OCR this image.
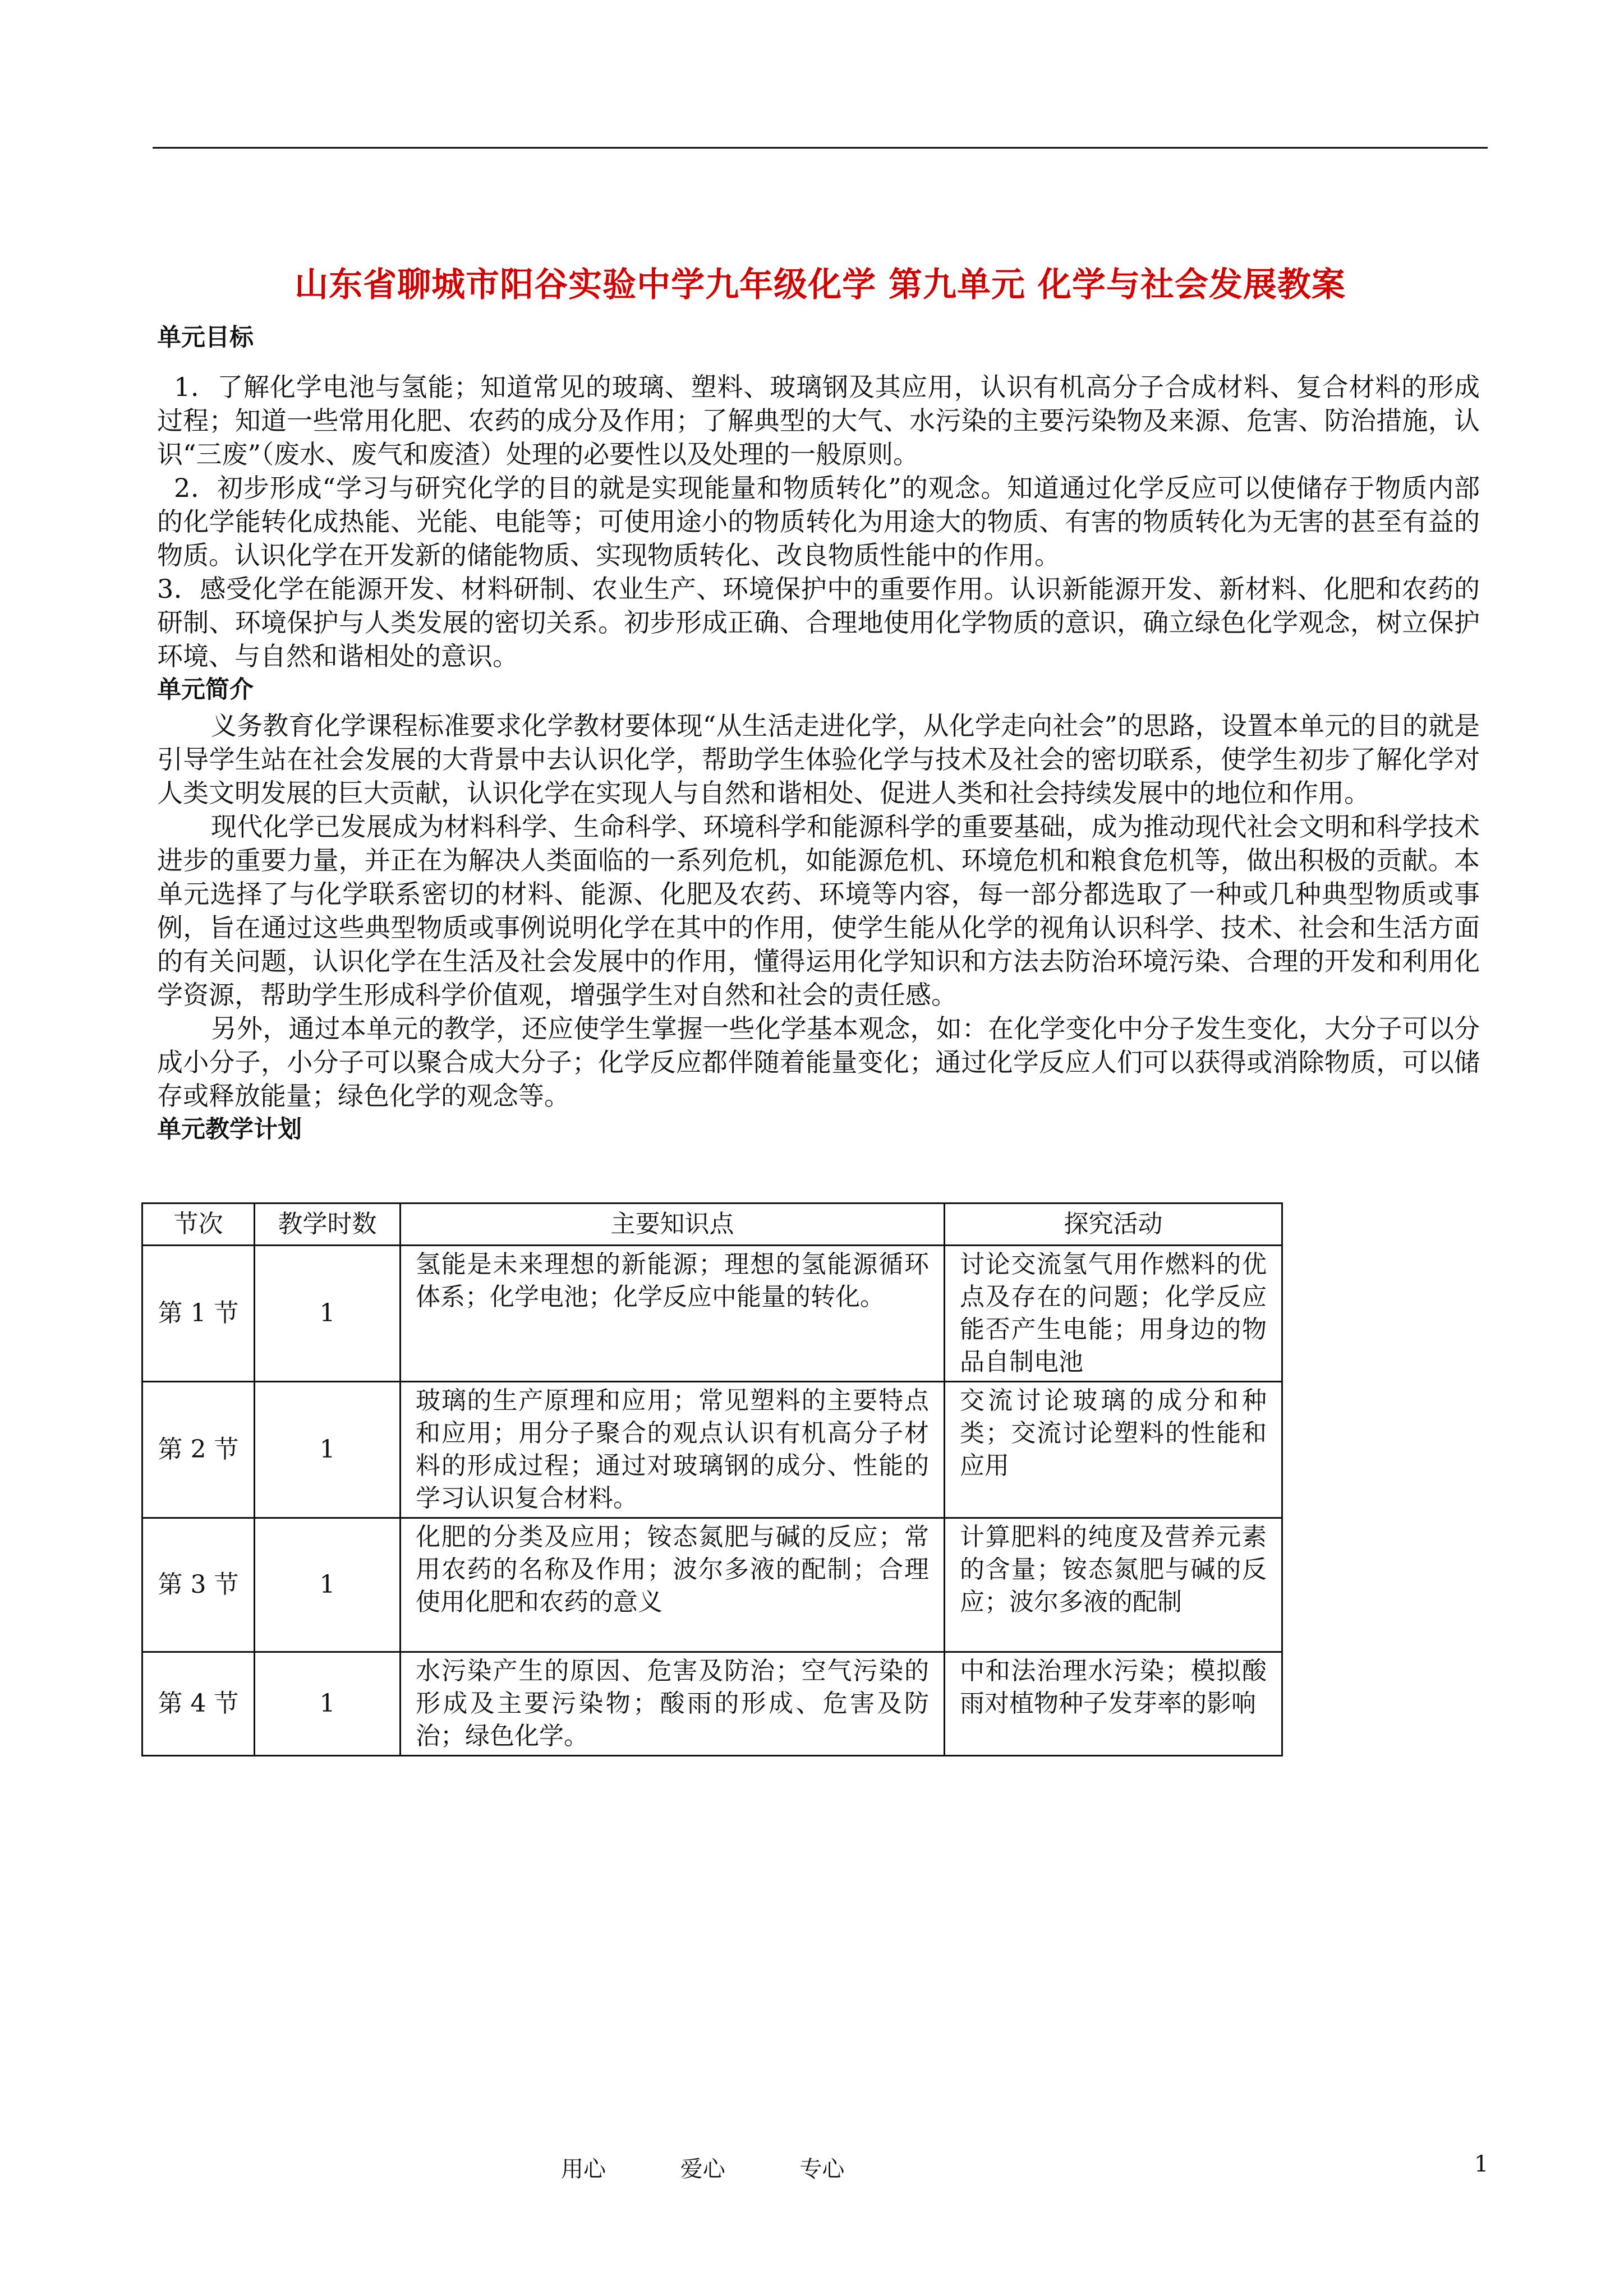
山东省聊城市阳谷实验中学九年级化学 第九单元 化学与社会发展教案
单元目标

1．了解化学电池与氢能；知道常见的玻璃、塑料、玻璃钢及其应用，认识有机高分子合成材料、复合材料的形成过程；知道一些常用化肥、农药的成分及作用；了解典型的大气、水污染的主要污染物及来源、危害、防治措施，认识“三废”（废水、废气和废渣）处理的必要性以及处理的一般原则。

2．初步形成“学习与研究化学的目的就是实现能量和物质转化”的观念。知道通过化学反应可以使储存于物质内部的化学能转化成热能、光能、电能等；可使用途小的物质转化为用途大的物质、有害的物质转化为无害的甚至有益的物质。认识化学在开发新的储能物质、实现物质转化、改良物质性能中的作用。

3．感受化学在能源开发、材料研制、农业生产、环境保护中的重要作用。认识新能源开发、新材料、化肥和农药的研制、环境保护与人类发展的密切关系。初步形成正确、合理地使用化学物质的意识，确立绿色化学观念，树立保护环境、与自然和谐相处的意识。

单元简介

义务教育化学课程标准要求化学教材要体现“从生活走进化学，从化学走向社会”的思路，设置本单元的目的就是引导学生站在社会发展的大背景中去认识化学，帮助学生体验化学与技术及社会的密切联系，使学生初步了解化学对人类文明发展的巨大贡献，认识化学在实现人与自然和谐相处、促进人类和社会持续发展中的地位和作用。

现代化学已发展成为材料科学、生命科学、环境科学和能源科学的重要基础，成为推动现代社会文明和科学技术进步的重要力量，并正在为解决人类面临的一系列危机，如能源危机、环境危机和粮食危机等，做出积极的贡献。本单元选择了与化学联系密切的材料、能源、化肥及农药、环境等内容，每一部分都选取了一种或几种典型物质或事例，旨在通过这些典型物质或事例说明化学在其中的作用，使学生能从化学的视角认识科学、技术、社会和生活方面的有关问题，认识化学在生活及社会发展中的作用，懂得运用化学知识和方法去防治环境污染、合理的开发和利用化学资源，帮助学生形成科学价值观，增强学生对自然和社会的责任感。

另外，通过本单元的教学，还应使学生掌握一些化学基本观念，如：在化学变化中分子发生变化，大分子可以分成小分子，小分子可以聚合成大分子；化学反应都伴随着能量变化；通过化学反应人们可以获得或消除物质，可以储存或释放能量；绿色化学的观念等。

单元教学计划
节次	教学时数	主要知识点	探究活动
第 1 节	1	氢能是未来理想的新能源；理想的氢能源循环体系；化学电池；化学反应中能量的转化。	讨论交流氢气用作燃料的优点及存在的问题；化学反应能否产生电能；用身边的物品自制电池
第 2 节	1	玻璃的生产原理和应用；常见塑料的主要特点和应用；用分子聚合的观点认识有机高分子材料的形成过程；通过对玻璃钢的成分、性能的学习认识复合材料。	交流讨论玻璃的成分和种类；交流讨论塑料的性能和应用
第 3 节	1	化肥的分类及应用；铵态氮肥与碱的反应；常用农药的名称及作用；波尔多液的配制；合理使用化肥和农药的意义	计算肥料的纯度及营养元素的含量；铵态氮肥与碱的反应；波尔多液的配制
第 4 节	1	水污染产生的原因、危害及防治；空气污染的形成及主要污染物；酸雨的形成、危害及防治；绿色化学。	中和法治理水污染；模拟酸雨对植物种子发芽率的影响
用心	爱心	专心	1
